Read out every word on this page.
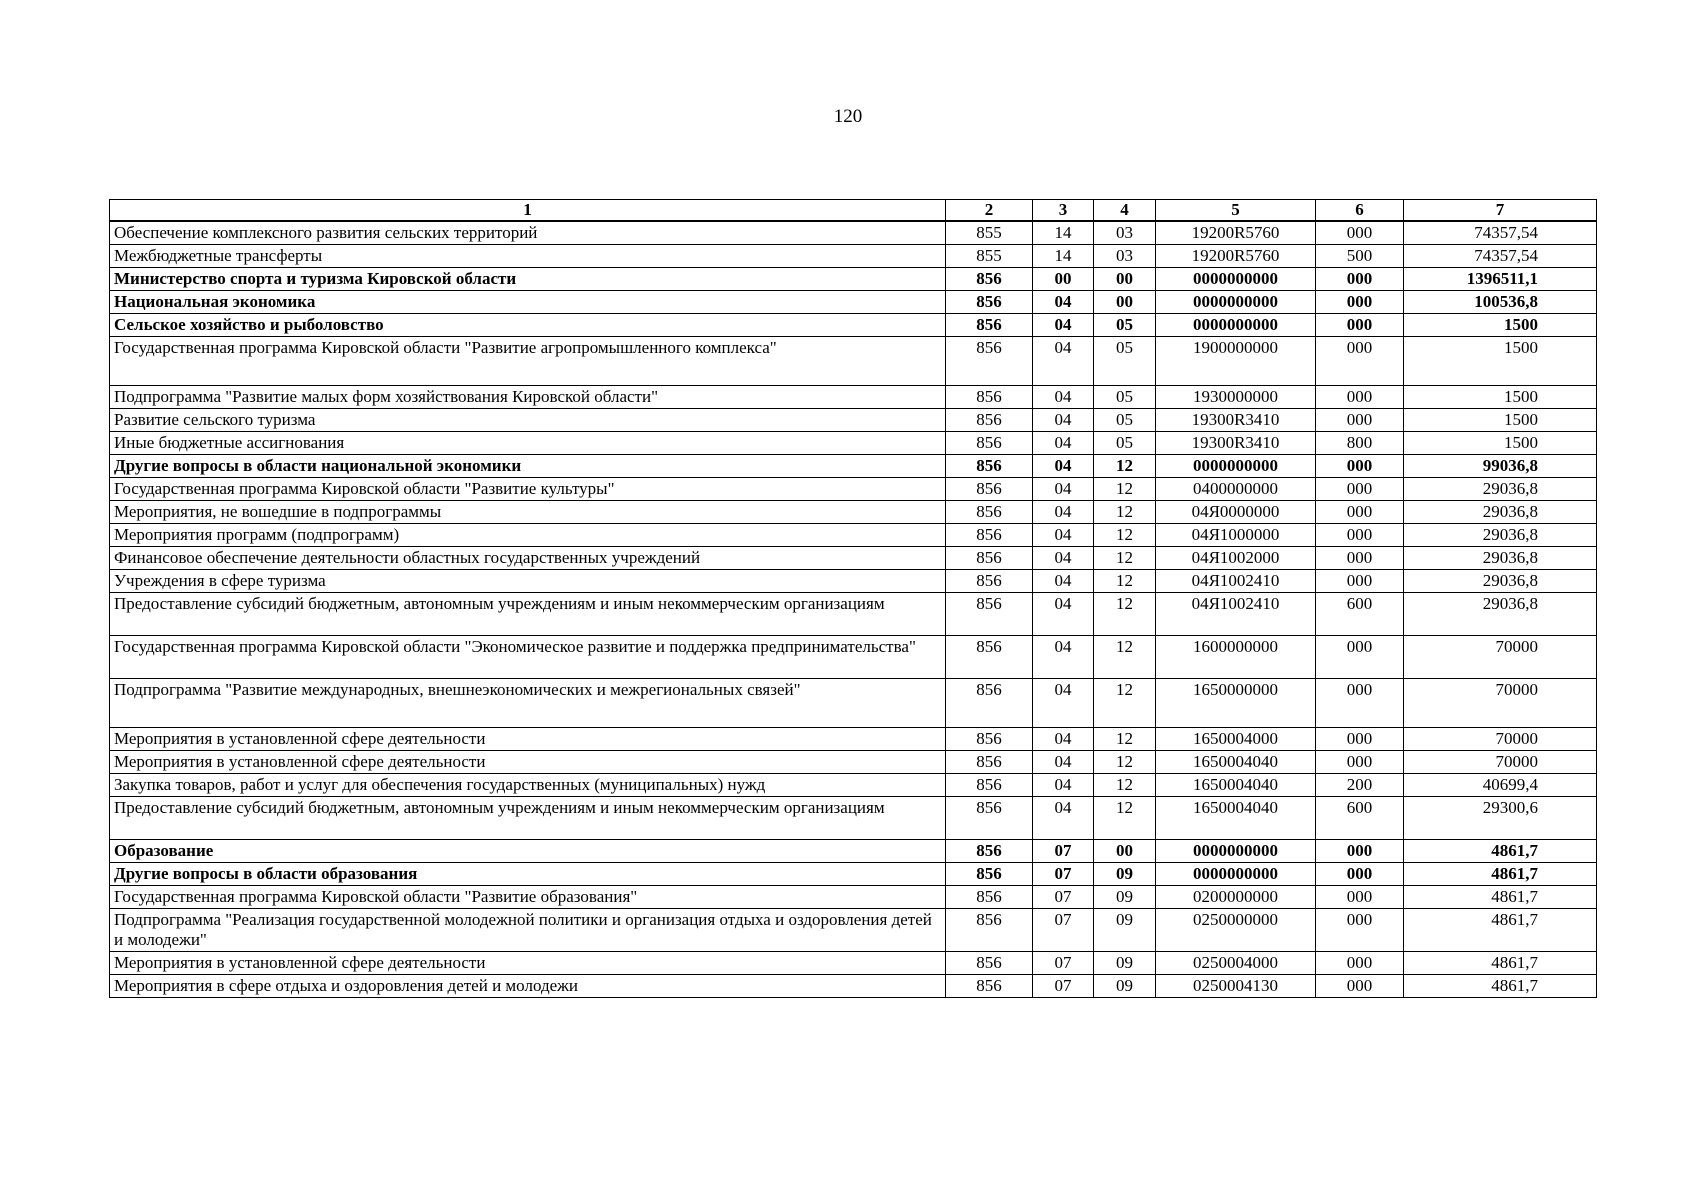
120
1	2	3	4	5	6	7
Обеспечение комплексного развития сельских территорий	855	14	03	19200R5760	000	74357,54
Межбюджетные трансферты	855	14	03	19200R5760	500	74357,54
Министерство спорта и туризма Кировской области	856	00	00	0000000000	000	1396511,1
Национальная экономика	856	04	00	0000000000	000	100536,8
Сельское хозяйство и рыболовство	856	04	05	0000000000	000	1500
Государственная программа Кировской области "Развитие агропромышленного комплекса"	856	04	05	1900000000	000	1500
Подпрограмма "Развитие малых форм хозяйствования Кировской области"	856	04	05	1930000000	000	1500
Развитие сельского туризма	856	04	05	19300R3410	000	1500
Иные бюджетные ассигнования	856	04	05	19300R3410	800	1500
Другие вопросы в области национальной экономики	856	04	12	0000000000	000	99036,8
Государственная программа Кировской области "Развитие культуры"	856	04	12	0400000000	000	29036,8
Мероприятия, не вошедшие в подпрограммы	856	04	12	04Я0000000	000	29036,8
Мероприятия программ (подпрограмм)	856	04	12	04Я1000000	000	29036,8
Финансовое обеспечение деятельности областных государственных учреждений	856	04	12	04Я1002000	000	29036,8
Учреждения в сфере туризма	856	04	12	04Я1002410	000	29036,8
Предоставление субсидий бюджетным, автономным учреждениям и иным некоммерческим организациям	856	04	12	04Я1002410	600	29036,8
Государственная программа Кировской области "Экономическое развитие и поддержка предпринимательства"	856	04	12	1600000000	000	70000
Подпрограмма "Развитие международных, внешнеэкономических и межрегиональных связей"	856	04	12	1650000000	000	70000
Мероприятия в установленной сфере деятельности	856	04	12	1650004000	000	70000
Мероприятия в установленной сфере деятельности	856	04	12	1650004040	000	70000
Закупка товаров, работ и услуг для обеспечения государственных (муниципальных) нужд	856	04	12	1650004040	200	40699,4
Предоставление субсидий бюджетным, автономным учреждениям и иным некоммерческим организациям	856	04	12	1650004040	600	29300,6
Образование	856	07	00	0000000000	000	4861,7
Другие вопросы в области образования	856	07	09	0000000000	000	4861,7
Государственная программа Кировской области "Развитие образования"	856	07	09	0200000000	000	4861,7
Подпрограмма "Реализация государственной молодежной политики и организация отдыха и оздоровления детей и молодежи"	856	07	09	0250000000	000	4861,7
Мероприятия в установленной сфере деятельности	856	07	09	0250004000	000	4861,7
Мероприятия в сфере отдыха и оздоровления детей и молодежи	856	07	09	0250004130	000	4861,7
